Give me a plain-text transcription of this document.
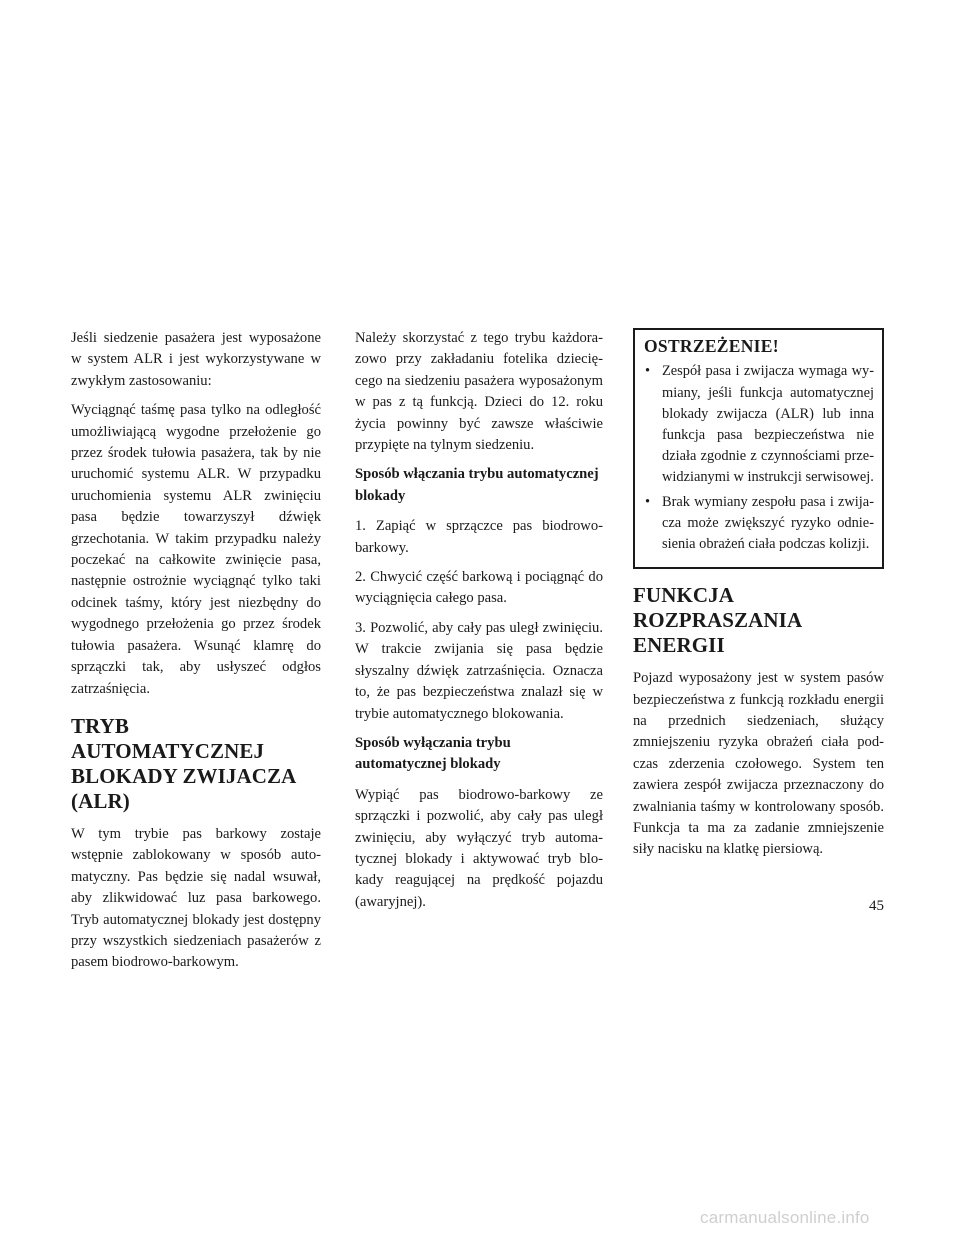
Jeśli siedzenie pasażera jest wyposażone w system ALR i jest wykorzystywane w zwykłym zastosowaniu:

Wyciągnąć taśmę pasa tylko na odległość umożliwiającą wygodne przełożenie go przez środek tułowia pasażera, tak by nie uruchomić systemu ALR. W przypadku uruchomienia systemu ALR zwinięciu pasa będzie towarzyszył dźwięk grzechotania. W takim przypadku należy poczekać na całkowite zwinięcie pasa, następnie ostrożnie wyciągnąć tylko taki odcinek taśmy, który jest niezbędny do wygodnego przełożenia go przez środek tułowia pasażera. Wsunąć klamrę do sprzączki tak, aby usłyszeć odgłos zatrzaśnięcia.

TRYB AUTOMATYCZNEJ BLOKADY ZWIJACZA (ALR)

W tym trybie pas barkowy zostaje wstępnie zablokowany w sposób automatyczny. Pas będzie się nadal wsuwał, aby zlikwidować luz pasa barkowego. Tryb automatycznej blokady jest dostępny przy wszystkich siedzeniach pasażerów z pasem biodrowo-barkowym.

Należy skorzystać z tego trybu każdorazowo przy zakładaniu fotelika dziecięcego na siedzeniu pasażera wyposażonym w pas z tą funkcją. Dzieci do 12. roku życia powinny być zawsze właściwie przypięte na tylnym siedzeniu.

Sposób włączania trybu automatycznej blokady

1. Zapiąć w sprzączce pas biodrowo-barkowy.

2. Chwycić część barkową i pociągnąć do wyciągnięcia całego pasa.

3. Pozwolić, aby cały pas uległ zwinięciu. W trakcie zwijania się pasa będzie słyszalny dźwięk zatrzaśnięcia. Oznacza to, że pas bezpieczeństwa znalazł się w trybie automatycznego blokowania.

Sposób wyłączania trybu automatycznej blokady

Wypiąć pas biodrowo-barkowy ze sprzączki i pozwolić, aby cały pas uległ zwinięciu, aby wyłączyć tryb automatycznej blokady i aktywować tryb blokady reagującej na prędkość pojazdu (awaryjnej).

OSTRZEŻENIE!
• Zespół pasa i zwijacza wymaga wymiany, jeśli funkcja automatycznej blokady zwijacza (ALR) lub inna funkcja pasa bezpieczeństwa nie działa zgodnie z czynnościami przewidzianymi w instrukcji serwisowej.
• Brak wymiany zespołu pasa i zwijacza może zwiększyć ryzyko odniesienia obrażeń ciała podczas kolizji.
FUNKCJA ROZPRASZANIA ENERGII

Pojazd wyposażony jest w system pasów bezpieczeństwa z funkcją rozkładu energii na przednich siedzeniach, służący zmniejszeniu ryzyka obrażeń ciała podczas zderzenia czołowego. System ten zawiera zespół zwijacza przeznaczony do zwalniania taśmy w kontrolowany sposób. Funkcja ta ma za zadanie zmniejszenie siły nacisku na klatkę piersiową.

45
carmanualsonline.info
